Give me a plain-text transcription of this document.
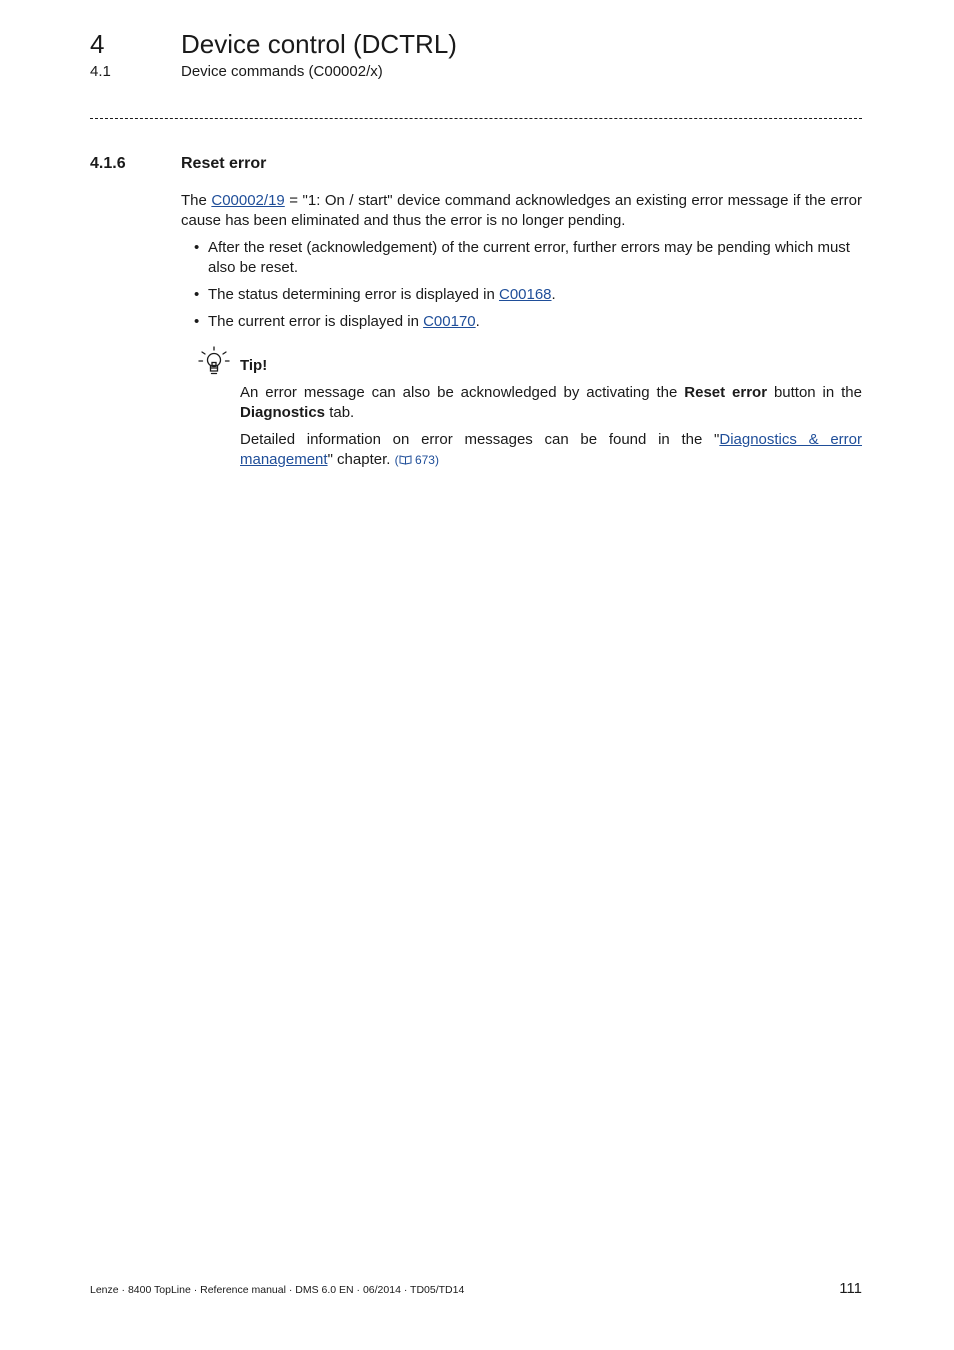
4	Device control (DCTRL)
4.1	Device commands (C00002/x)
4.1.6	Reset error
The C00002/19 = "1: On / start" device command acknowledges an existing error message if the error cause has been eliminated and thus the error is no longer pending.
• After the reset (acknowledgement) of the current error, further errors may be pending which must also be reset.
• The status determining error is displayed in C00168.
• The current error is displayed in C00170.
Tip!
An error message can also be acknowledged by activating the Reset error button in the Diagnostics tab.
Detailed information on error messages can be found in the "Diagnostics & error management" chapter. ( 673)
Lenze · 8400 TopLine · Reference manual · DMS 6.0 EN · 06/2014 · TD05/TD14	111
